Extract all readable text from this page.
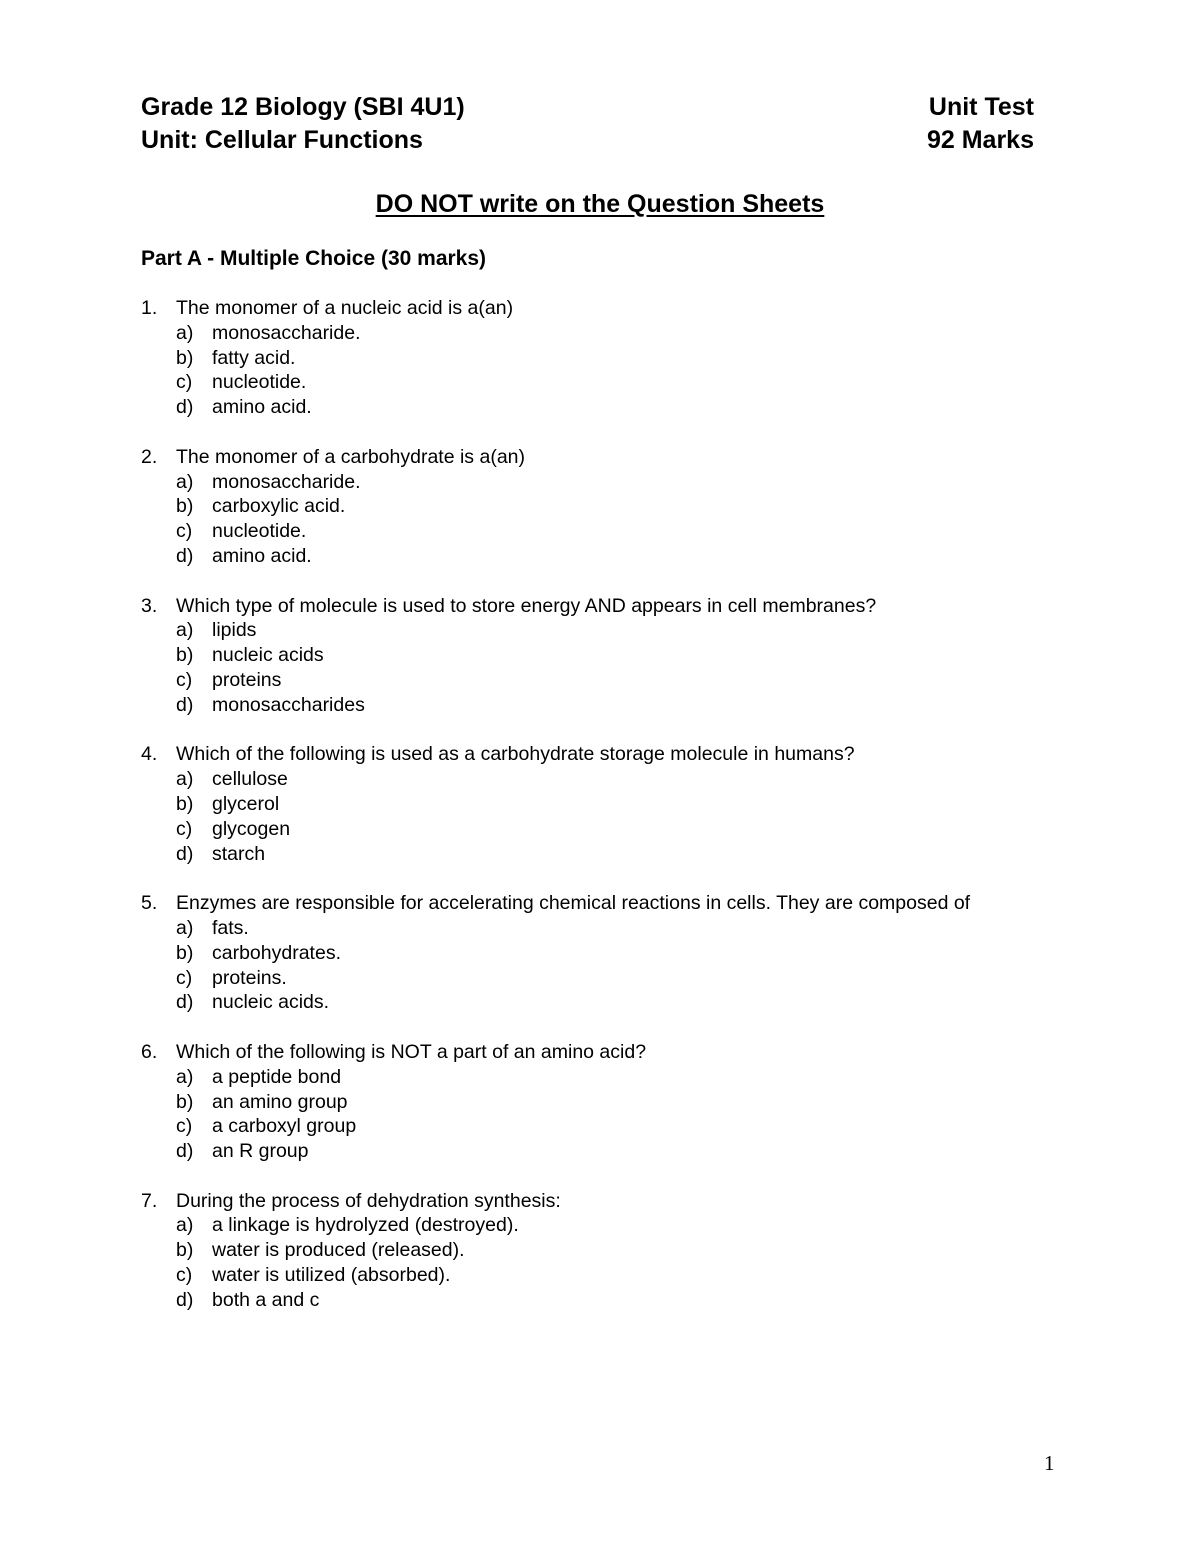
Grade 12 Biology (SBI 4U1)	Unit Test
Unit: Cellular Functions	92 Marks
DO NOT write on the Question Sheets
Part A - Multiple Choice (30 marks)
1. The monomer of a nucleic acid is a(an)
a) monosaccharide.
b) fatty acid.
c)	nucleotide.
d) amino acid.
2. The monomer of a carbohydrate is a(an)
a) monosaccharide.
b) carboxylic acid.
c)	nucleotide.
d) amino acid.
3. Which type of molecule is used to store energy AND appears in cell membranes?
a) lipids
b) nucleic acids
c)	proteins
d) monosaccharides
4. Which of the following is used as a carbohydrate storage molecule in humans?
a) cellulose
b) glycerol
c)	glycogen
d) starch
5. Enzymes are responsible for accelerating chemical reactions in cells. They are composed of
a) fats.
b) carbohydrates.
c)	proteins.
d) nucleic acids.
6. Which of the following is NOT a part of an amino acid?
a) a peptide bond
b) an amino group
c)	a carboxyl group
d) an R group
7. During the process of dehydration synthesis:
a) a linkage is hydrolyzed (destroyed).
b) water is produced (released).
c)	water is utilized (absorbed).
d) both a and c
1
